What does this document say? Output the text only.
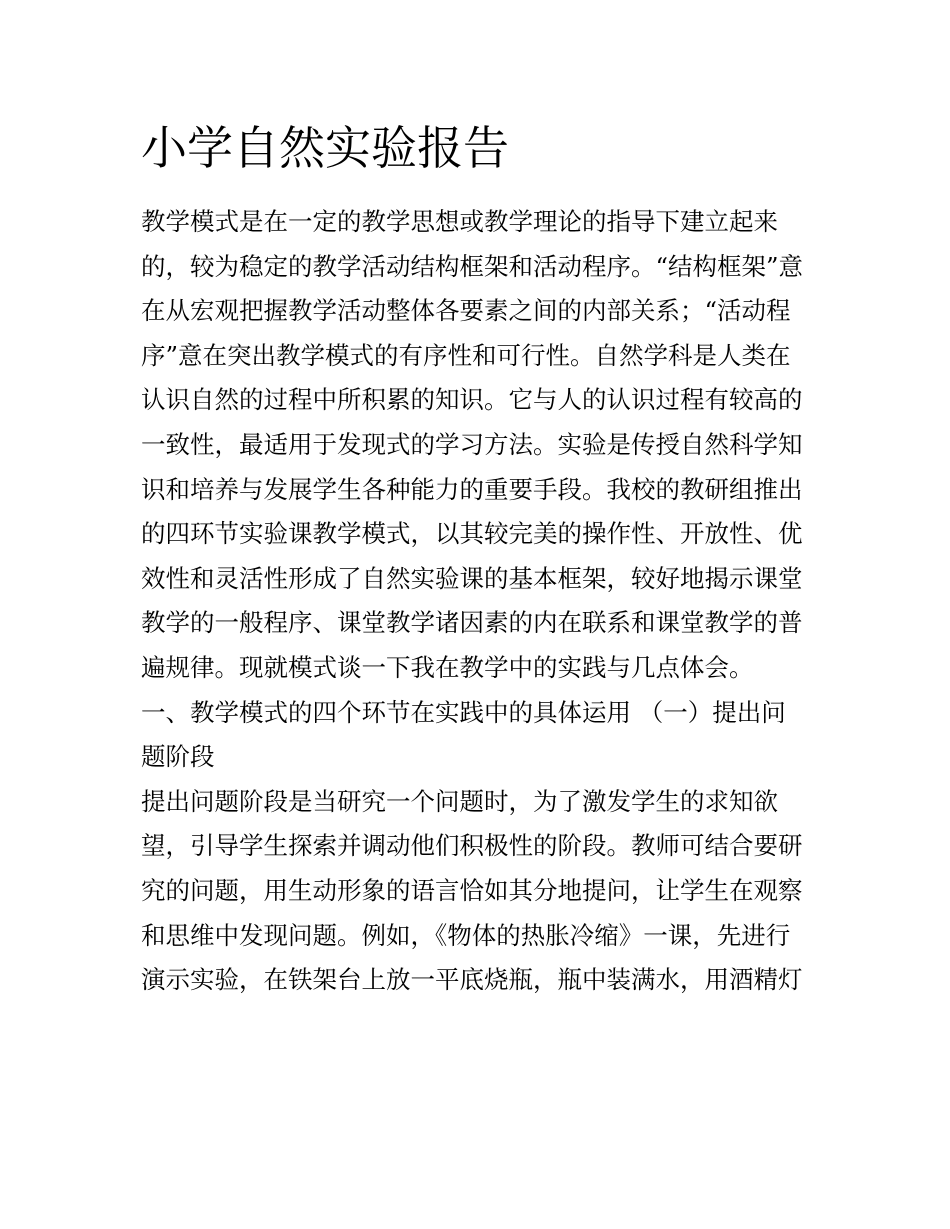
小学自然实验报告
教学模式是在一定的教学思想或教学理论的指导下建立起来
的，较为稳定的教学活动结构框架和活动程序。“结构框架”意
在从宏观把握教学活动整体各要素之间的内部关系；“活动程
序”意在突出教学模式的有序性和可行性。自然学科是人类在
认识自然的过程中所积累的知识。它与人的认识过程有较高的
一致性，最适用于发现式的学习方法。实验是传授自然科学知
识和培养与发展学生各种能力的重要手段。我校的教研组推出
的四环节实验课教学模式，以其较完美的操作性、开放性、优
效性和灵活性形成了自然实验课的基本框架，较好地揭示课堂
教学的一般程序、课堂教学诸因素的内在联系和课堂教学的普
遍规律。现就模式谈一下我在教学中的实践与几点体会。
一、教学模式的四个环节在实践中的具体运用 （一）提出问
题阶段
提出问题阶段是当研究一个问题时，为了激发学生的求知欲
望，引导学生探索并调动他们积极性的阶段。教师可结合要研
究的问题，用生动形象的语言恰如其分地提问，让学生在观察
和思维中发现问题。例如，《物体的热胀冷缩》一课，先进行
演示实验，在铁架台上放一平底烧瓶，瓶中装满水，用酒精灯
